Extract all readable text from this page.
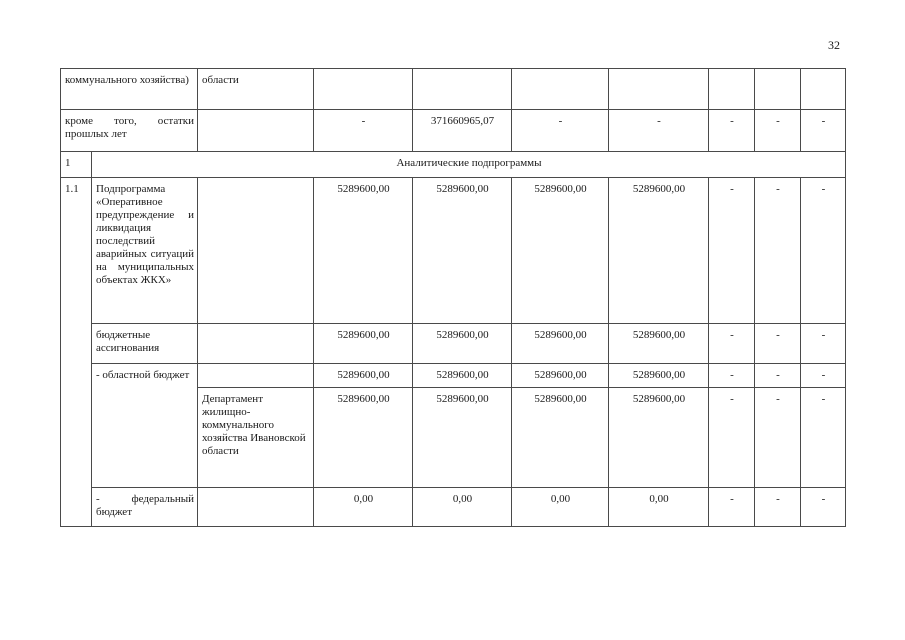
32
коммунального хозяйства)		области							
кроме того, остатки прошлых лет			-	371660965,07	-	-	-	-	-
1	Аналитические подпрограммы								
1.1	Подпрограмма «Оперативное предупреждение и ликвидация последствий аварийных ситуаций на муниципальных объектах ЖКХ»		5289600,00	5289600,00	5289600,00	5289600,00	-	-	-
	бюджетные ассигнования		5289600,00	5289600,00	5289600,00	5289600,00	-	-	-
	- областной бюджет		5289600,00	5289600,00	5289600,00	5289600,00	-	-	-
		Департамент жилищно-коммунального хозяйства Ивановской области	5289600,00	5289600,00	5289600,00	5289600,00	-	-	-
	- федеральный бюджет		0,00	0,00	0,00	0,00	-	-	-
